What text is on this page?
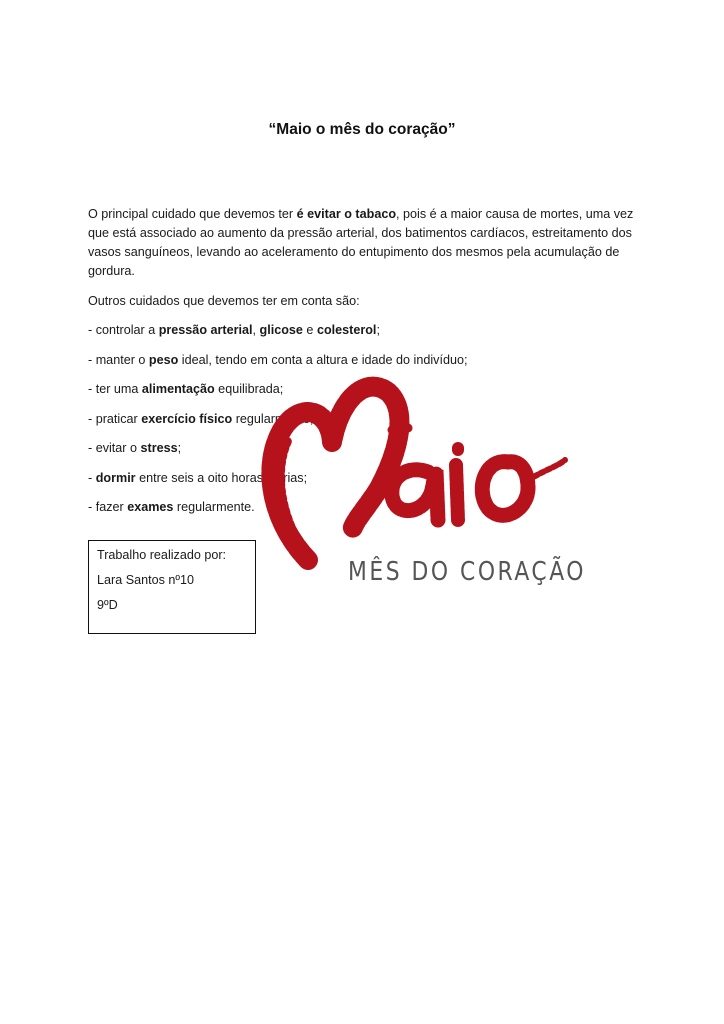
“Maio o mês do coração”

O principal cuidado que devemos ter é evitar o tabaco, pois é a maior causa de mortes, uma vez que está associado ao aumento da pressão arterial, dos batimentos cardíacos, estreitamento dos vasos sanguíneos, levando ao aceleramento do entupimento dos mesmos pela acumulação de gordura.

Outros cuidados que devemos ter em conta são:

- controlar a pressão arterial, glicose e colesterol;
- manter o peso ideal, tendo em conta a altura e idade do indivíduo;
- ter uma alimentação equilibrada;
- praticar exercício físico regularmente;
- evitar o stress;
- dormir entre seis a oito horas diárias;
- fazer exames regularmente.
Trabalho realizado por:
Lara Santos nº10
9ºD
MÊS DO CORAÇÃO
